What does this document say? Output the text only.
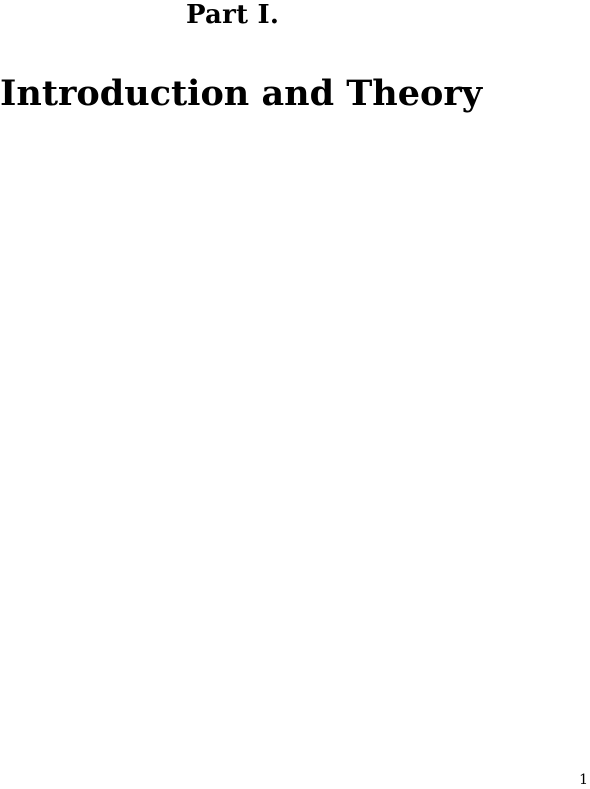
Part I.
Introduction and Theory
1
